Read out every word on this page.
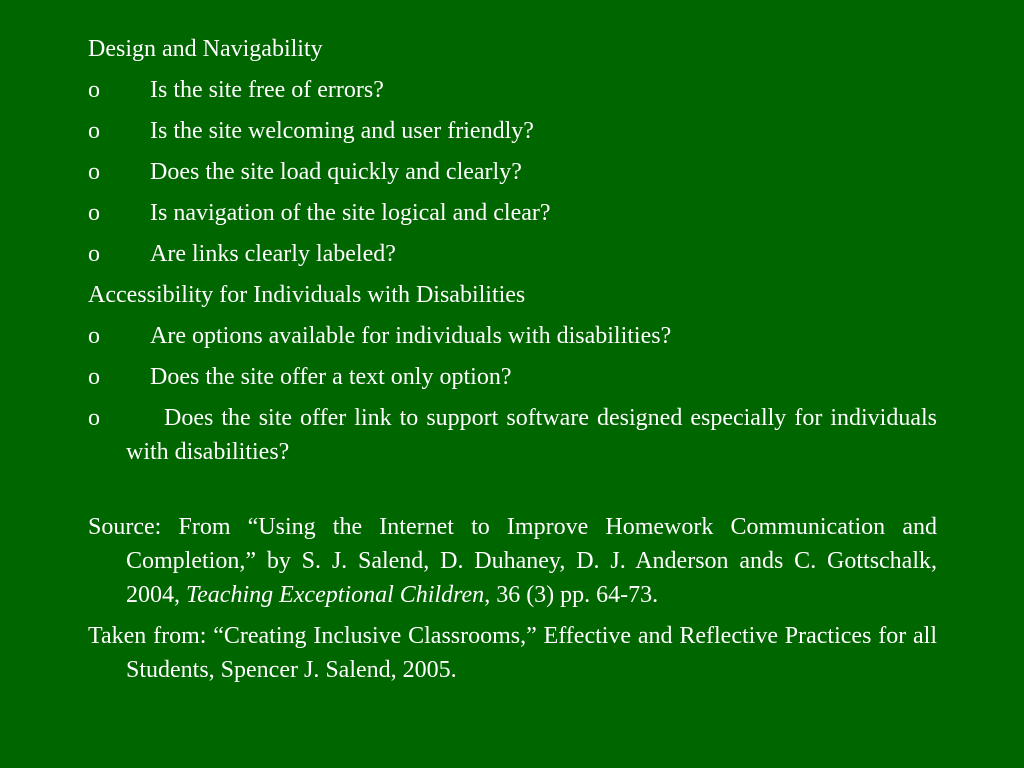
Design and Navigability
o Is the site free of errors?
o Is the site welcoming and user friendly?
o Does the site load quickly and clearly?
o Is navigation of the site logical and clear?
o Are links clearly labeled?
Accessibility for Individuals with Disabilities
o Are options available for individuals with disabilities?
o Does the site offer a text only option?
o	Does the site offer link to support software designed especially for individuals with disabilities?
Source: From “Using the Internet to Improve Homework Communication and Completion,” by S. J. Salend, D. Duhaney, D. J. Anderson ands C. Gottschalk, 2004, Teaching Exceptional Children, 36 (3) pp. 64-73.
Taken from: “Creating Inclusive Classrooms,” Effective and Reflective Practices for all Students, Spencer J. Salend, 2005.
